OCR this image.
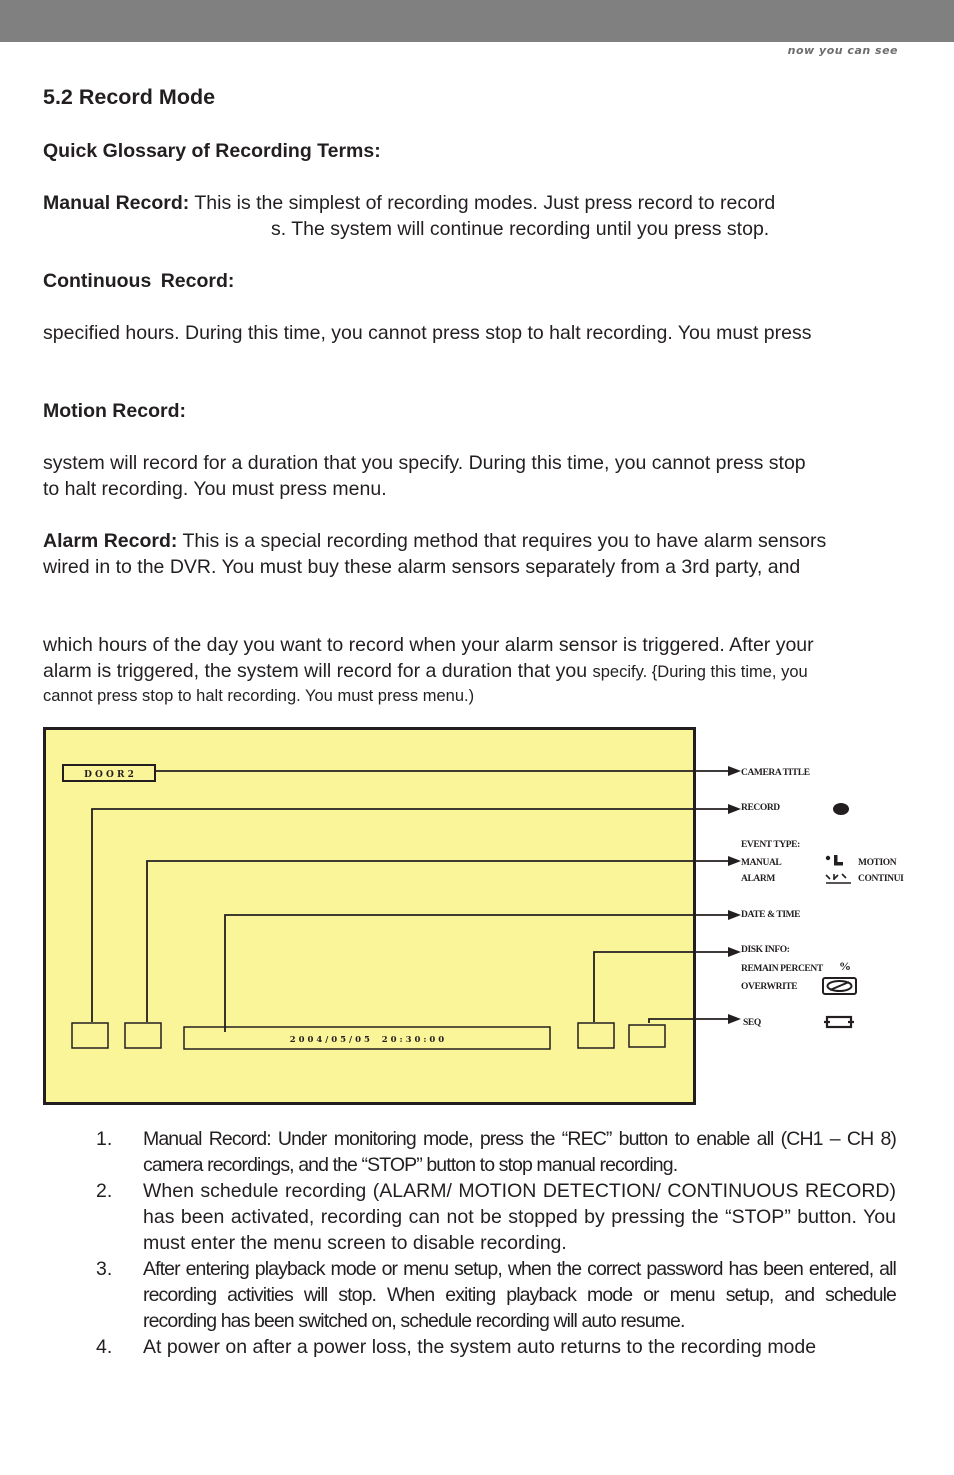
now you can see
5.2 Record Mode
Quick Glossary of Recording Terms:
Manual Record: This is the simplest of recording modes. Just press record to record
s. The system will continue recording until you press stop.
Continuous Record:
specified hours. During this time, you cannot press stop to halt recording. You must press
Motion Record:
system will record for a duration that you specify. During this time, you cannot press stop
to halt recording. You must press menu.
Alarm Record: This is a special recording method that requires you to have alarm sensors
wired in to the DVR. You must buy these alarm sensors separately from a 3rd party, and
which hours of the day you want to record when your alarm sensor is triggered. After your
alarm is triggered, the system will record for a duration that you specify. {During this time, you
cannot press stop to halt recording. You must press menu.)
D O O R 2
2 0 0 4 / 0 5 / 0 5    2 0 : 3 0 : 0 0
CAMERA TITLE
RECORD
EVENT TYPE:
MANUAL
ALARM
MOTION
CONTINUI
DATE & TIME
DISK INFO:
REMAIN PERCENT %
OVERWRITE
SEQ
1. Manual Record: Under monitoring mode, press the “REC” button to enable all (CH1 – CH 8) camera recordings, and the “STOP” button to stop manual recording.
2. When schedule recording (ALARM/ MOTION DETECTION/ CONTINUOUS RECORD) has been activated, recording can not be stopped by pressing the “STOP” button. You must enter the menu screen to disable recording.
3. After entering playback mode or menu setup, when the correct password has been entered, all recording activities will stop. When exiting playback mode or menu setup, and schedule recording has been switched on, schedule recording will auto resume.
4. At power on after a power loss, the system auto returns to the recording mode
